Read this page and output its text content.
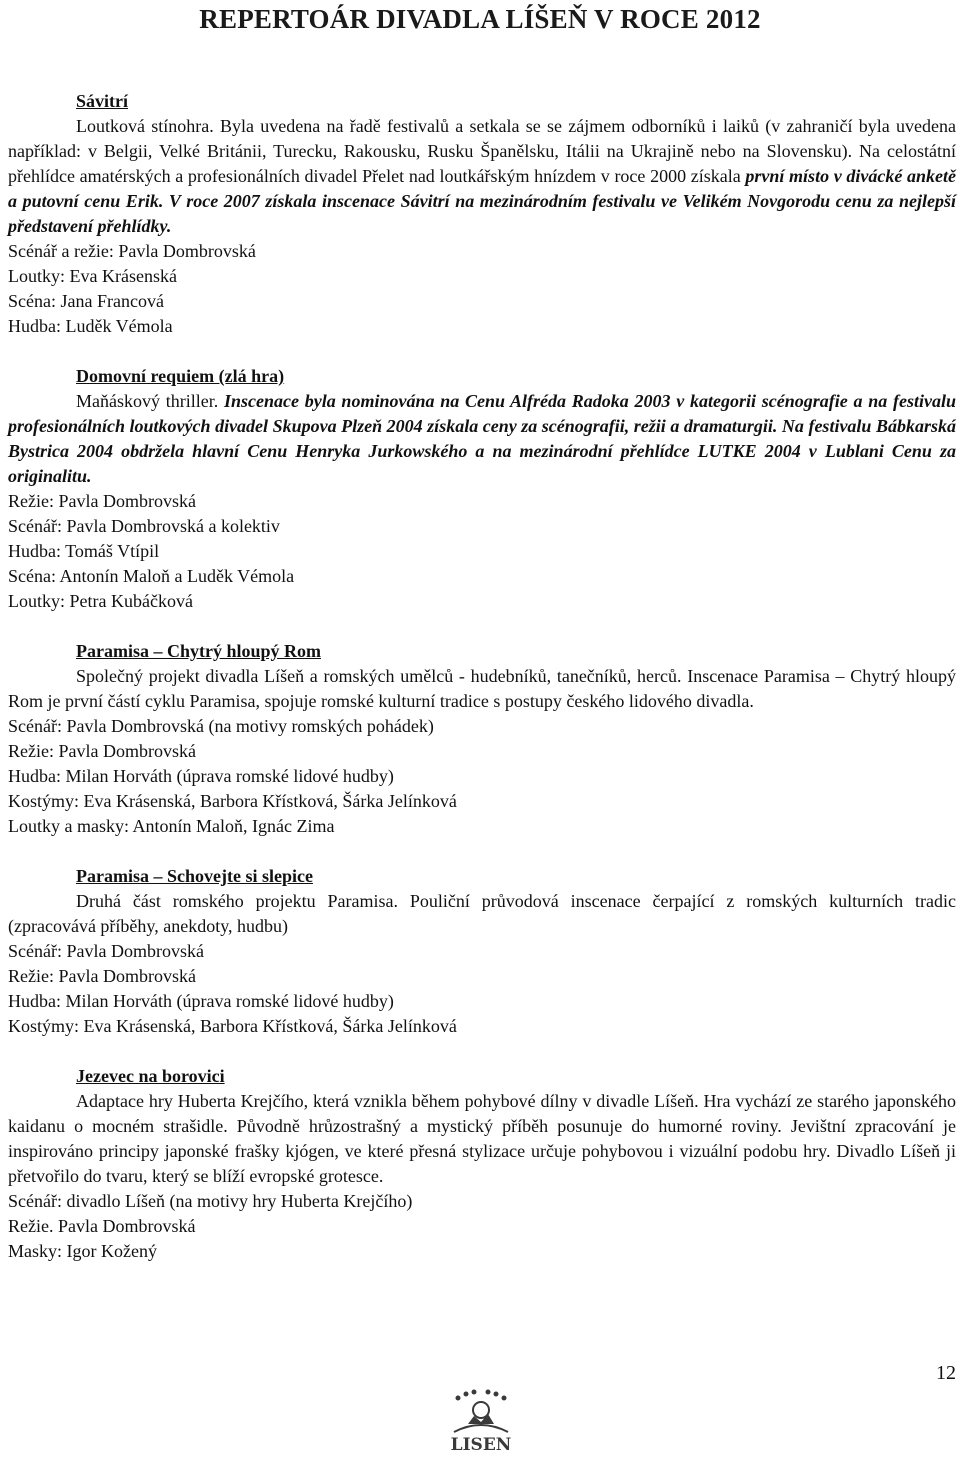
REPERTOÁR DIVADLA LÍŠEŇ V ROCE 2012
Sávitrí
Loutková stínohra. Byla uvedena na řadě festivalů a setkala se se zájmem odborníků i laiků (v zahraničí byla uvedena například: v Belgii, Velké Británii, Turecku, Rakousku, Rusku Španělsku, Itálii na Ukrajině nebo na Slovensku). Na celostátní přehlídce amatérských a profesionálních divadel Přelet nad loutkářským hnízdem v roce 2000 získala první místo v divácké anketě a putovní cenu Erik. V roce 2007 získala inscenace Sávitrí na mezinárodním festivalu ve Velikém Novgorodu cenu za nejlepší představení přehlídky.
Scénář a režie: Pavla Dombrovská
Loutky: Eva Krásenská
Scéna: Jana Francová
Hudba: Luděk Vémola
Domovní requiem (zlá hra)
Maňáskový thriller. Inscenace byla nominována na Cenu Alfréda Radoka 2003 v kategorii scénografie a na festivalu profesionálních loutkových divadel Skupova Plzeň 2004 získala ceny za scénografii, režii a dramaturgii. Na festivalu Bábkarská Bystrica 2004 obdržela hlavní Cenu Henryka Jurkowského a na mezinárodní přehlídce LUTKE 2004 v Lublani Cenu za originalitu.
Režie: Pavla Dombrovská
Scénář: Pavla Dombrovská a kolektiv
Hudba: Tomáš Vtípil
Scéna: Antonín Maloň a Luděk Vémola
Loutky: Petra Kubáčková
Paramisa – Chytrý hloupý Rom
Společný projekt divadla Líšeň a romských umělců - hudebníků, tanečníků, herců. Inscenace Paramisa – Chytrý hloupý Rom je první částí cyklu Paramisa, spojuje romské kulturní tradice s postupy českého lidového divadla.
Scénář: Pavla Dombrovská (na motivy romských pohádek)
Režie: Pavla Dombrovská
Hudba: Milan Horváth (úprava romské lidové hudby)
Kostýmy: Eva Krásenská, Barbora Křístková, Šárka Jelínková
Loutky a masky: Antonín Maloň, Ignác Zima
Paramisa – Schovejte si slepice
Druhá část romského projektu Paramisa. Pouliční průvodová inscenace čerpající z romských kulturních tradic (zpracovává příběhy, anekdoty, hudbu)
Scénář: Pavla Dombrovská
Režie: Pavla Dombrovská
Hudba: Milan Horváth (úprava romské lidové hudby)
Kostýmy: Eva Krásenská, Barbora Křístková, Šárka Jelínková
Jezevec na borovici
Adaptace hry Huberta Krejčího, která vznikla během pohybové dílny v divadle Líšeň. Hra vychází ze starého japonského kaidanu o mocném strašidle. Původně hrůzostrašný a mystický příběh posunuje do humorné roviny. Jevištní zpracování je inspirováno principy japonské frašky kjógen, ve které přesná stylizace určuje pohybovou i vizuální podobu hry. Divadlo Líšeň ji přetvořilo do tvaru, který se blíží evropské grotesce.
Scénář: divadlo Líšeň (na motivy hry Huberta Krejčího)
Režie. Pavla Dombrovská
Masky: Igor Kožený
12
LISEN
